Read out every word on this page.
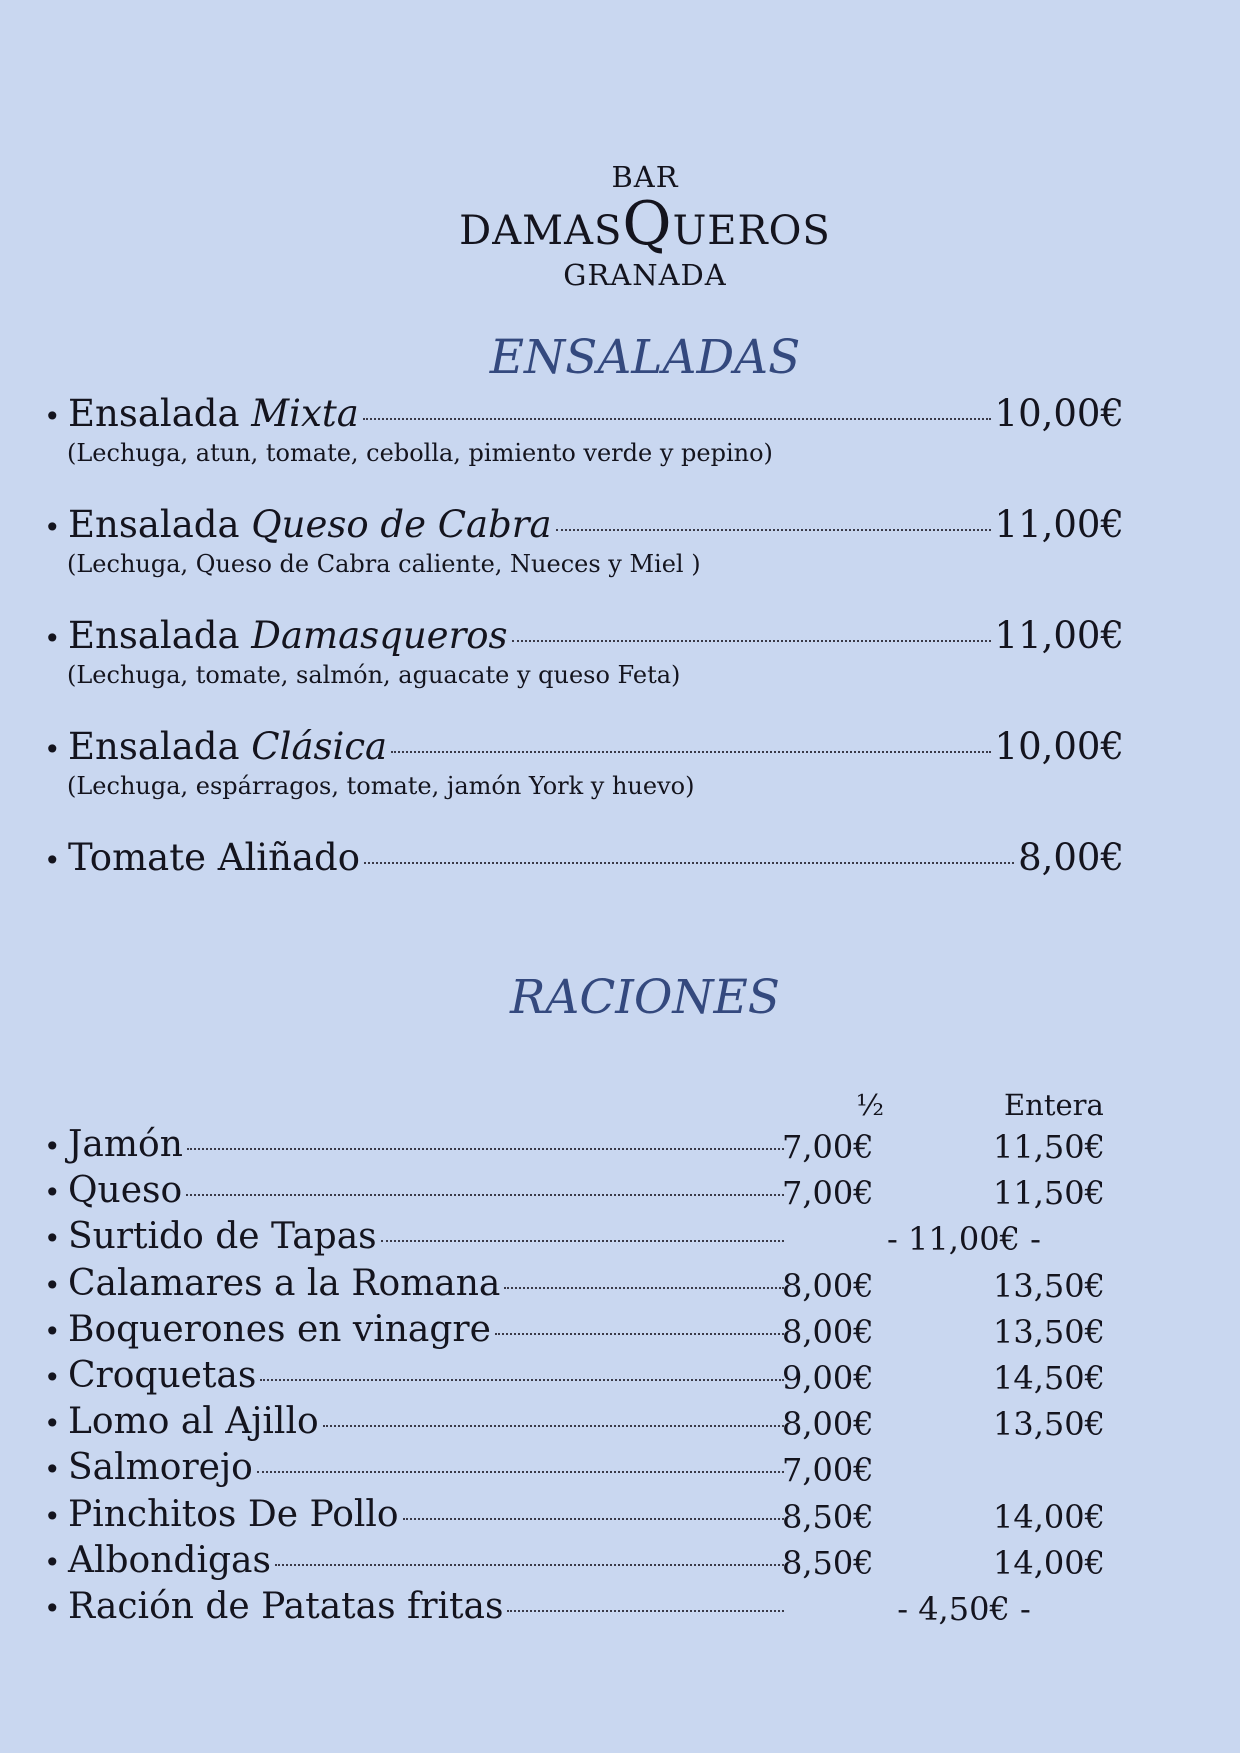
BAR
DAMASQUEROS
GRANADA
ENSALADAS
• Ensalada Mixta	10,00€
(Lechuga, atun, tomate, cebolla, pimiento verde y pepino)
• Ensalada Queso de Cabra	11,00€
(Lechuga, Queso de Cabra caliente, Nueces y Miel )
• Ensalada Damasqueros	11,00€
(Lechuga, tomate, salmón, aguacate y queso Feta)
• Ensalada Clásica	10,00€
(Lechuga, espárragos, tomate, jamón York y huevo)
• Tomate Aliñado	8,00€
RACIONES
½	Entera
• Jamón	7,00€	11,50€
• Queso	7,00€	11,50€
• Surtido de Tapas	- 11,00€ -
• Calamares a la Romana	8,00€	13,50€
• Boquerones en vinagre	8,00€	13,50€
• Croquetas	9,00€	14,50€
• Lomo al Ajillo	8,00€	13,50€
• Salmorejo	7,00€
• Pinchitos De Pollo	8,50€	14,00€
• Albondigas	8,50€	14,00€
• Ración de Patatas fritas	- 4,50€ -
